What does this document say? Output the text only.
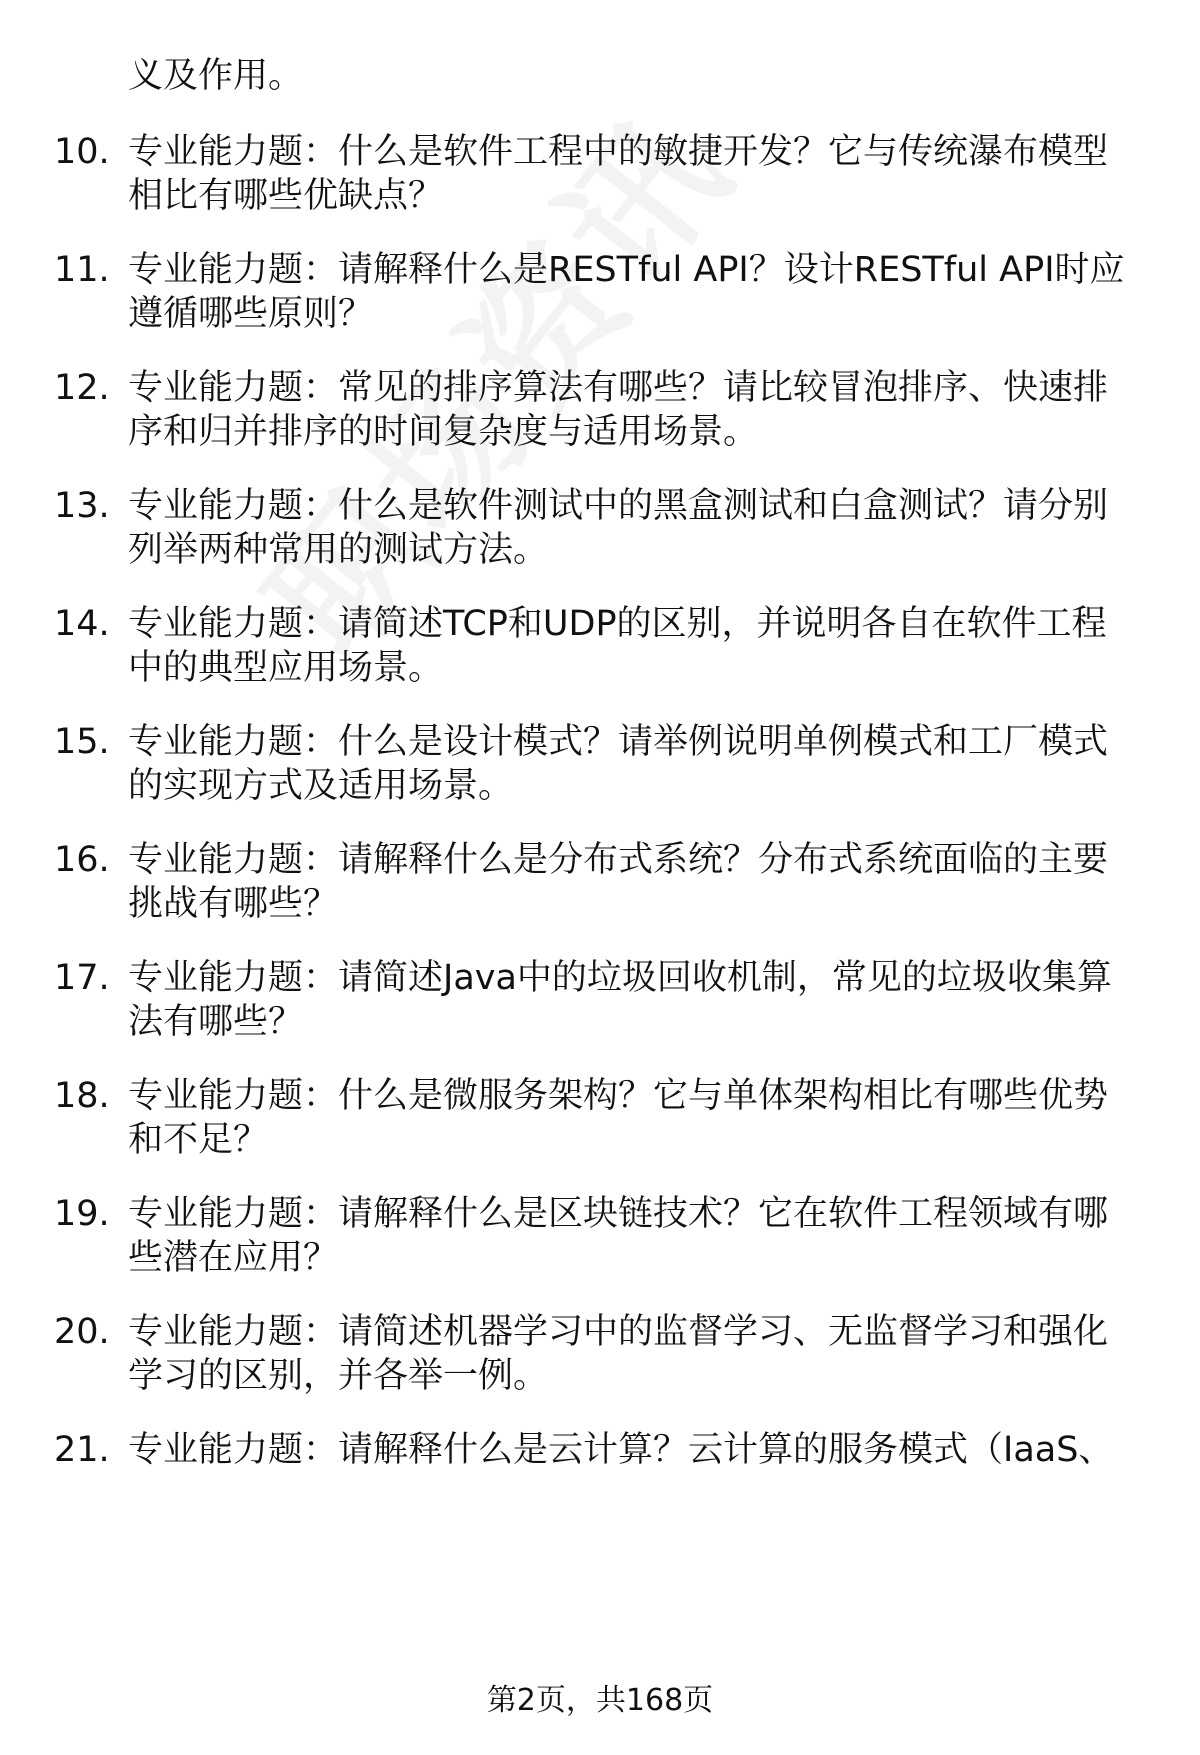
义及作用。

10. 专业能力题：什么是软件工程中的敏捷开发？它与传统瀑布模型

相比有哪些优缺点？

11. 专业能力题：请解释什么是RESTful API？设计RESTful API时应

遵循哪些原则？

12. 专业能力题：常见的排序算法有哪些？请比较冒泡排序、快速排

序和归并排序的时间复杂度与适用场景。

13. 专业能力题：什么是软件测试中的黑盒测试和白盒测试？请分别

列举两种常用的测试方法。

14. 专业能力题：请简述TCP和UDP的区别，并说明各自在软件工程

中的典型应用场景。

15. 专业能力题：什么是设计模式？请举例说明单例模式和工厂模式

的实现方式及适用场景。

16. 专业能力题：请解释什么是分布式系统？分布式系统面临的主要

挑战有哪些？

17. 专业能力题：请简述Java中的垃圾回收机制，常见的垃圾收集算

法有哪些？

18. 专业能力题：什么是微服务架构？它与单体架构相比有哪些优势

和不足？

19. 专业能力题：请解释什么是区块链技术？它在软件工程领域有哪

些潜在应用？

20. 专业能力题：请简述机器学习中的监督学习、无监督学习和强化

学习的区别，并各举一例。

21. 专业能力题：请解释什么是云计算？云计算的服务模式（IaaS、

第2页，共168页
